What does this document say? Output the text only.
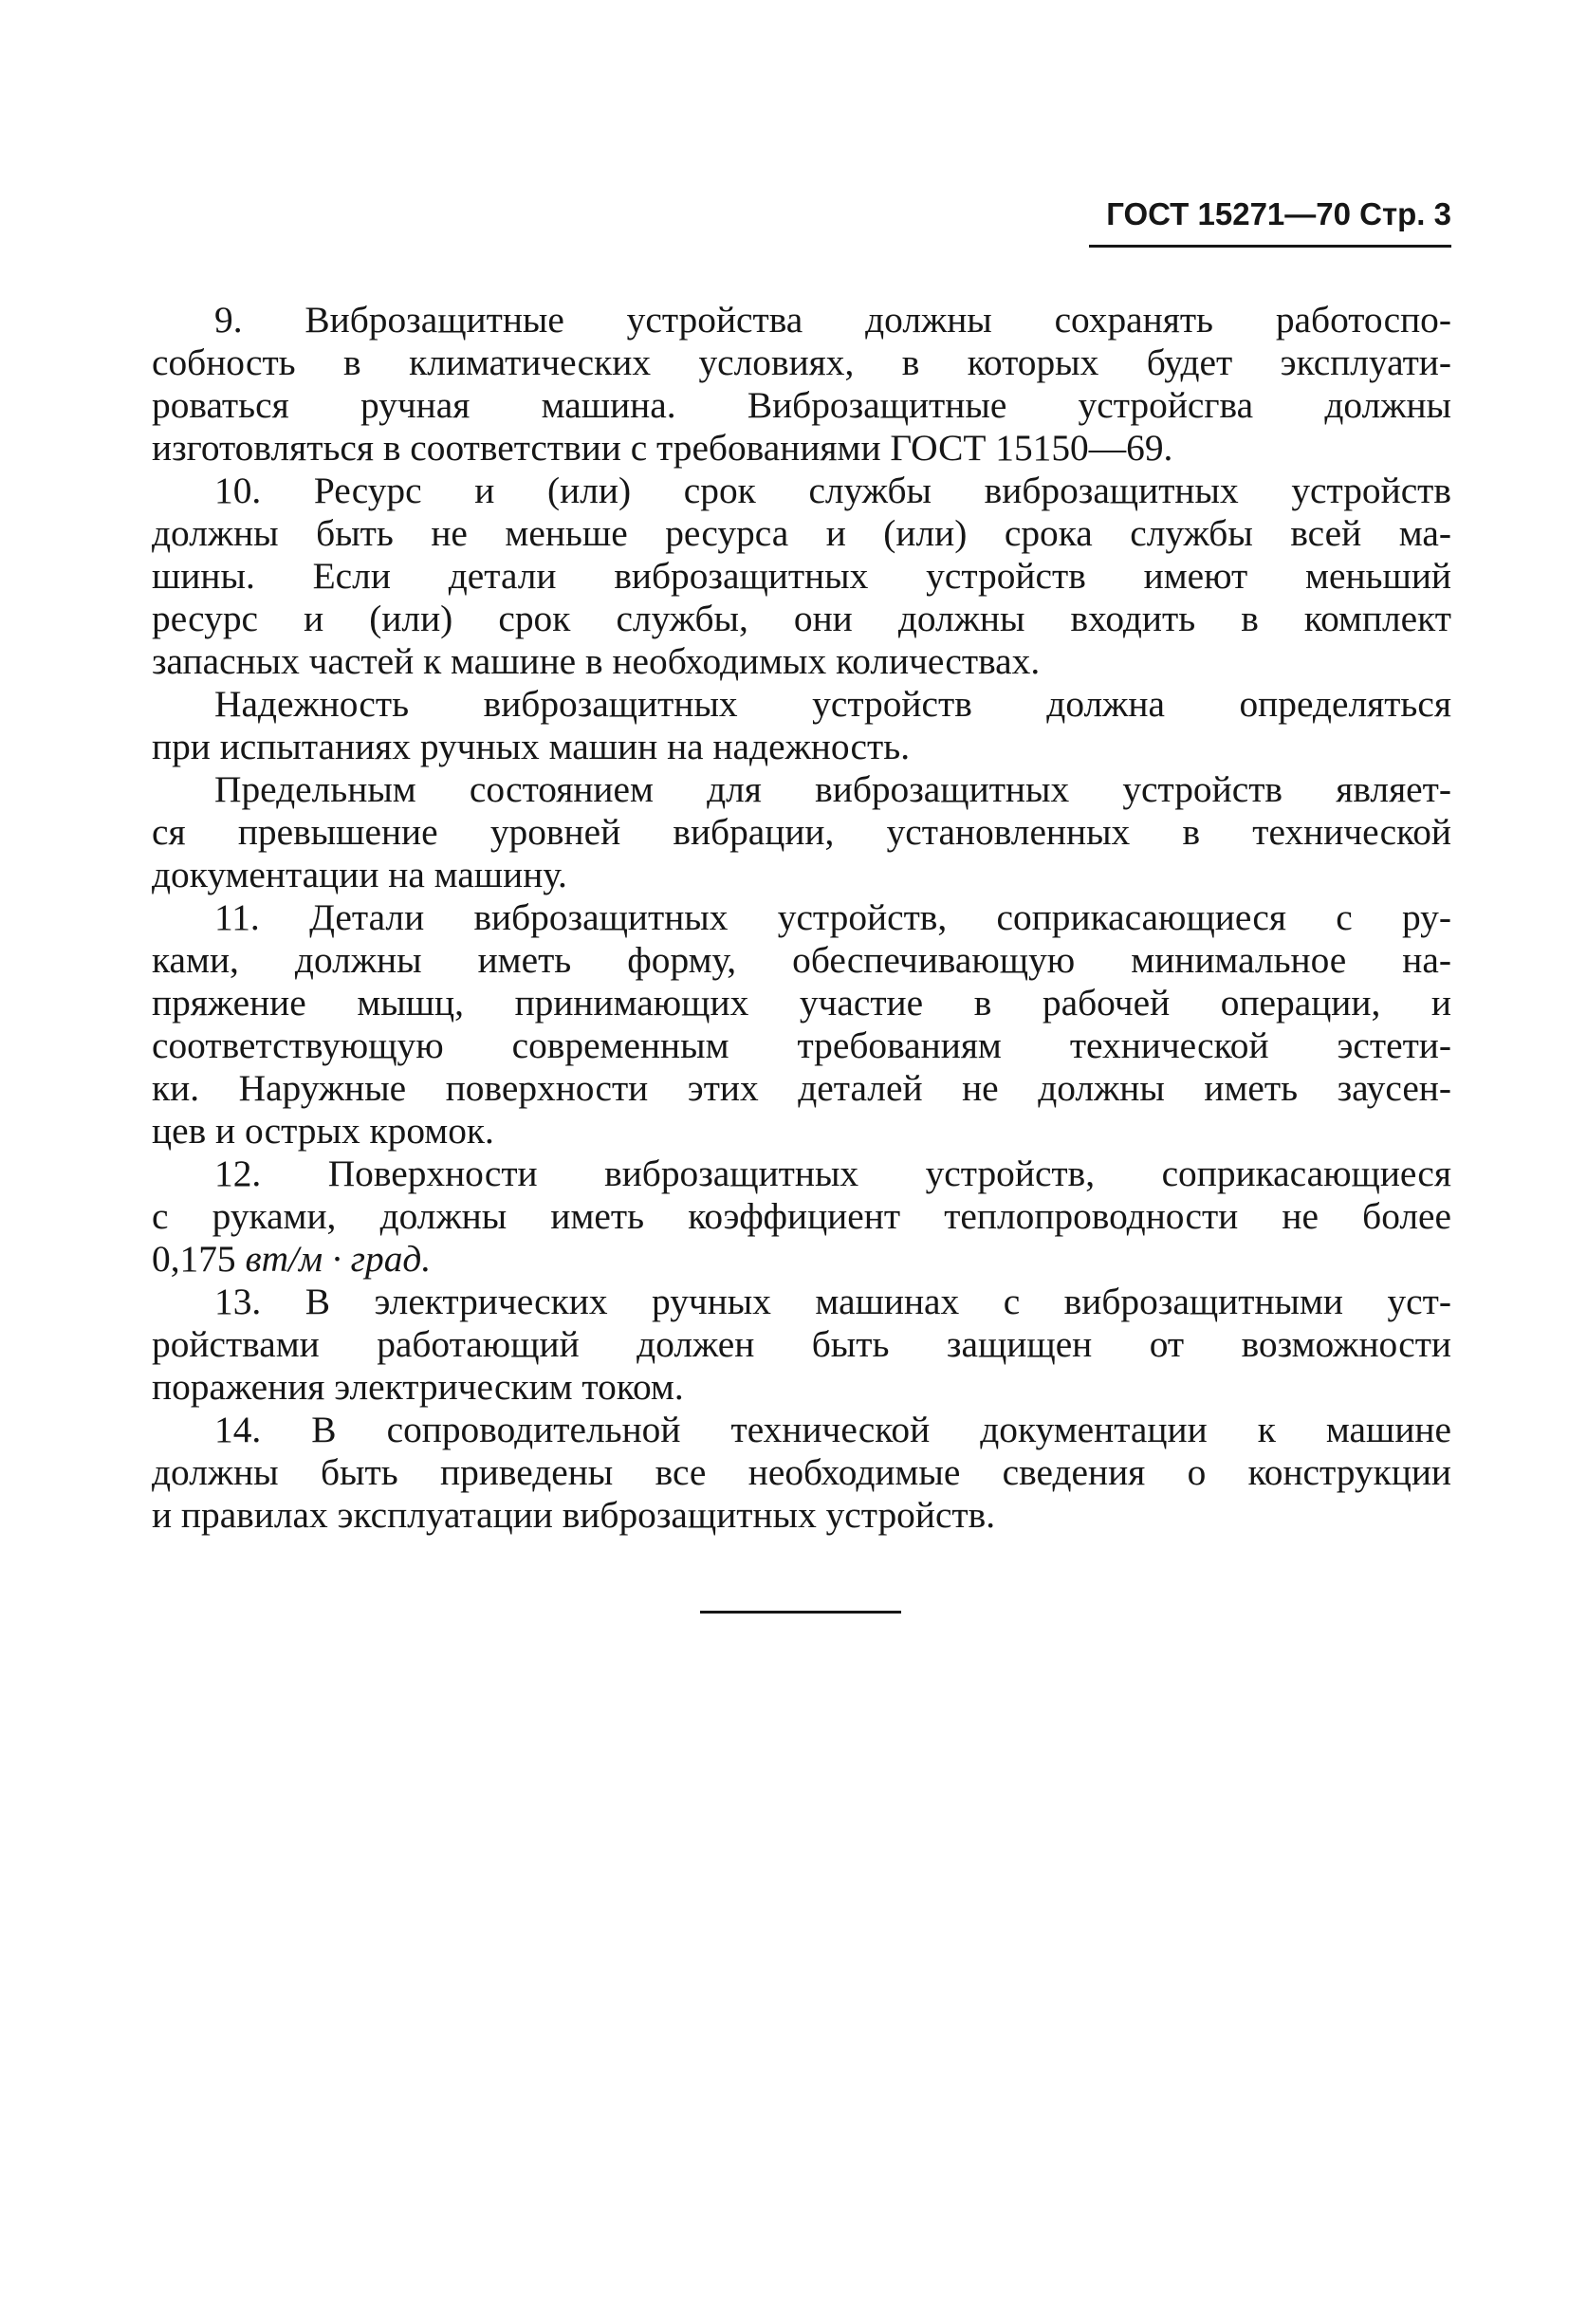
ГОСТ 15271—70 Стр. 3

9. Виброзащитные устройства должны сохранять работоспо-
собность в климатических условиях, в которых будет эксплуати-
роваться ручная машина. Виброзащитные устройсгва должны
изготовляться в соответствии с требованиями ГОСТ 15150—69.

10. Ресурс и (или) срок службы виброзащитных устройств
должны быть не меньше ресурса и (или) срока службы всей ма-
шины. Если детали виброзащитных устройств имеют меньший
ресурс и (или) срок службы, они должны входить в комплект
запасных частей к машине в необходимых количествах.

Надежность виброзащитных устройств должна определяться
при испытаниях ручных машин на надежность.

Предельным состоянием для виброзащитных устройств являет-
ся превышение уровней вибрации, установленных в технической
документации на машину.

11. Детали виброзащитных устройств, соприкасающиеся с ру-
ками, должны иметь форму, обеспечивающую минимальное на-
пряжение мышц, принимающих участие в рабочей операции, и
соответствующую современным требованиям технической эстети-
ки. Наружные поверхности этих деталей не должны иметь заусен-
цев и острых кромок.

12. Поверхности виброзащитных устройств, соприкасающиеся
с руками, должны иметь коэффициент теплопроводности не более
0,175 вт/м · град.

13. В электрических ручных машинах с виброзащитными уст-
ройствами работающий должен быть защищен от возможности
поражения электрическим током.

14. В сопроводительной технической документации к машине
должны быть приведены все необходимые сведения о конструкции
и правилах эксплуатации виброзащитных устройств.
